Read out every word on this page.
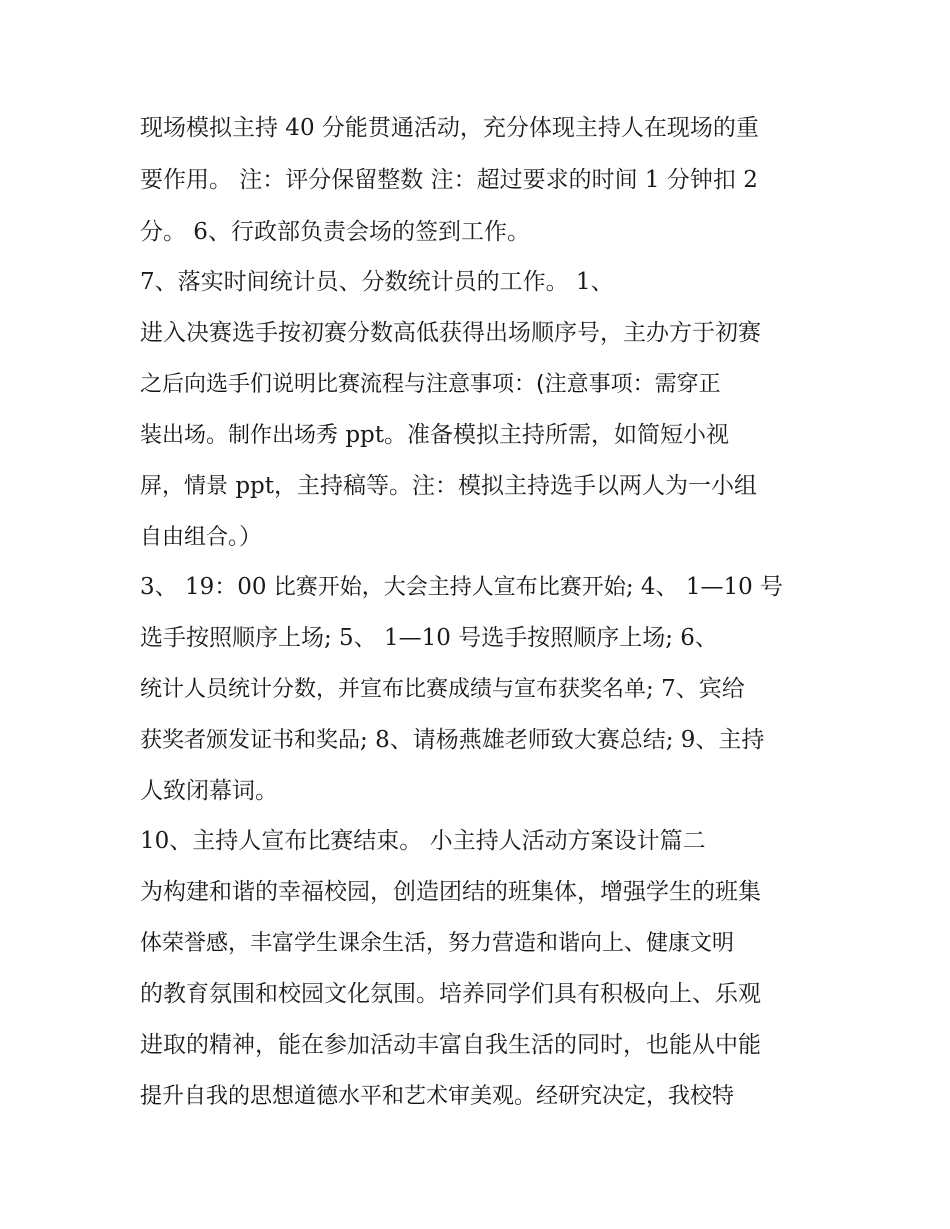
现场模拟主持 40 分能贯通活动，充分体现主持人在现场的重
要作用。 注：评分保留整数 注：超过要求的时间 1 分钟扣 2
分。 6、行政部负责会场的签到工作。
7、落实时间统计员、分数统计员的工作。 1、
进入决赛选手按初赛分数高低获得出场顺序号，主办方于初赛
之后向选手们说明比赛流程与注意事项：(注意事项：需穿正
装出场。制作出场秀 ppt。准备模拟主持所需，如简短小视
屏，情景 ppt，主持稿等。注：模拟主持选手以两人为一小组
自由组合。）
3、 19：00 比赛开始，大会主持人宣布比赛开始; 4、 1—10 号
选手按照顺序上场; 5、 1—10 号选手按照顺序上场; 6、
统计人员统计分数，并宣布比赛成绩与宣布获奖名单; 7、宾给
获奖者颁发证书和奖品; 8、请杨燕雄老师致大赛总结; 9、主持
人致闭幕词。
10、主持人宣布比赛结束。 小主持人活动方案设计篇二
为构建和谐的幸福校园，创造团结的班集体，增强学生的班集
体荣誉感，丰富学生课余生活，努力营造和谐向上、健康文明
的教育氛围和校园文化氛围。培养同学们具有积极向上、乐观
进取的精神，能在参加活动丰富自我生活的同时，也能从中能
提升自我的思想道德水平和艺术审美观。经研究决定，我校特
